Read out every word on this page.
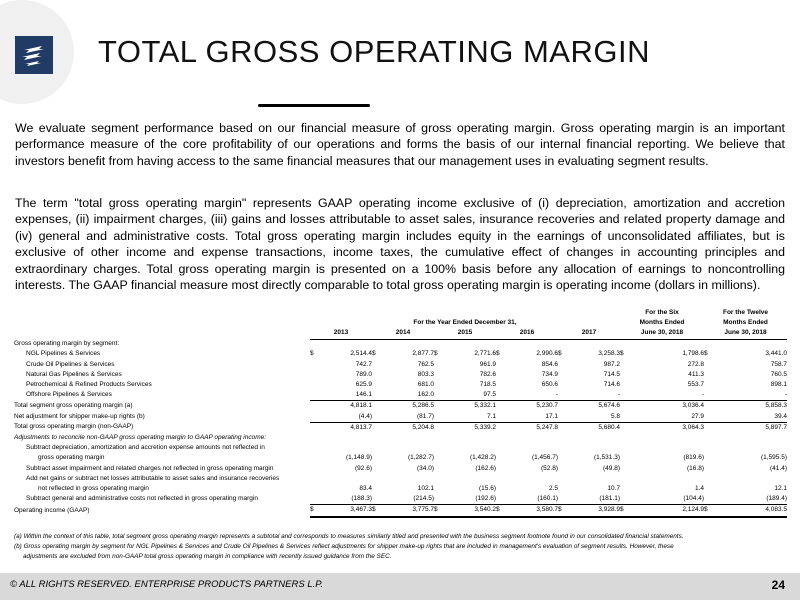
TOTAL GROSS OPERATING MARGIN
We evaluate segment performance based on our financial measure of gross operating margin. Gross operating margin is an important performance measure of the core profitability of our operations and forms the basis of our internal financial reporting. We believe that investors benefit from having access to the same financial measures that our management uses in evaluating segment results.
The term "total gross operating margin" represents GAAP operating income exclusive of (i) depreciation, amortization and accretion expenses, (ii) impairment charges, (iii) gains and losses attributable to asset sales, insurance recoveries and related property damage and (iv) general and administrative costs. Total gross operating margin includes equity in the earnings of unconsolidated affiliates, but is exclusive of other income and expense transactions, income taxes, the cumulative effect of changes in accounting principles and extraordinary charges. Total gross operating margin is presented on a 100% basis before any allocation of earnings to noncontrolling interests. The GAAP financial measure most directly comparable to total gross operating margin is operating income (dollars in millions).
											For the Six		For the Twelve	
	For the Year Ended December 31,										Months Ended		Months Ended	
	2013		2014		2015		2016		2017		June 30, 2018		June 30, 2018	
Gross operating margin by segment:														
NGL Pipelines & Services	$	2,514.4	$	2,877.7	$	2,771.6	$	2,990.6	$	3,258.3	$	1,798.6	$	3,441.0
Crude Oil Pipelines & Services		742.7		762.5		961.9		854.6		987.2		272.8		758.7
Natural Gas Pipelines & Services		789.0		803.3		782.6		734.9		714.5		411.3		760.5
Petrochemical & Refined Products Services		625.9		681.0		718.5		650.6		714.6		553.7		898.1
Offshore Pipelines & Services		146.1		162.0		97.5		-		-		-		-
Total segment gross operating margin (a)		4,818.1		5,286.5		5,332.1		5,230.7		5,674.6		3,036.4		5,858.3
Net adjustment for shipper make-up rights (b)		(4.4)		(81.7)		7.1		17.1		5.8		27.9		39.4
Total gross operating margin (non-GAAP)		4,813.7		5,204.8		5,339.2		5,247.8		5,680.4		3,064.3		5,897.7
Adjustments to reconcile non-GAAP gross operating margin to GAAP operating income:														
Subtract depreciation, amortization and accretion expense amounts not reflected in														
gross operating margin		(1,148.9)		(1,282.7)		(1,428.2)		(1,456.7)		(1,531.3)		(819.6)		(1,595.5)
Subtract asset impairment and related charges not reflected in gross operating margin		(92.6)		(34.0)		(162.6)		(52.8)		(49.8)		(16.8)		(41.4)
Add net gains or subtract net losses attributable to asset sales and insurance recoveries														
not reflected in gross operating margin		83.4		102.1		(15.6)		2.5		10.7		1.4		12.1
Subtract general and administrative costs not reflected in gross operating margin		(188.3)		(214.5)		(192.6)		(160.1)		(181.1)		(104.4)		(189.4)
Operating income (GAAP)	$	3,467.3	$	3,775.7	$	3,540.2	$	3,580.7	$	3,928.9	$	2,124.9	$	4,083.5
(a) Within the context of this table, total segment gross operating margin represents a subtotal and corresponds to measures similarly titled and presented with the business segment footnote found in our consolidated financial statements.
(b) Gross operating margin by segment for NGL Pipelines & Services and Crude Oil Pipelines & Services reflect adjustments for shipper make-up rights that are included in management's evaluation of segment results. However, these
adjustments are excluded from non-GAAP total gross operating margin in compliance with recently issued guidance from the SEC.
© ALL RIGHTS RESERVED. ENTERPRISE PRODUCTS PARTNERS L.P.	24
